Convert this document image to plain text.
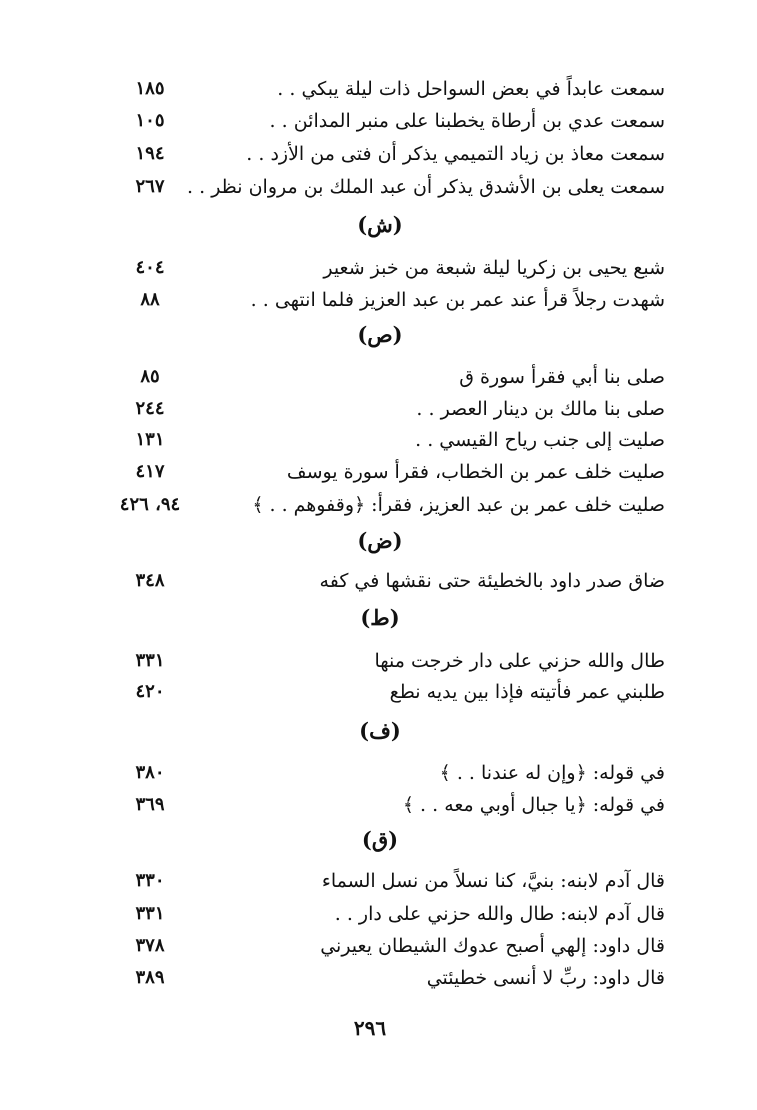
سمعت عابداً في بعض السواحل ذات ليلة يبكي . .
١٨٥
سمعت عدي بن أرطاة يخطبنا على منبر المدائن . .
١٠٥
سمعت معاذ بن زياد التميمي يذكر أن فتى من الأزد . .
١٩٤
سمعت يعلى بن الأشدق يذكر أن عبد الملك بن مروان نظر . .
٢٦٧
(ش)
شبع يحيى بن زكريا ليلة شبعة من خبز شعير
٤٠٤
شهدت رجلاً قرأ عند عمر بن عبد العزيز فلما انتهى . .
٨٨
(ص)
صلى بنا أبي فقرأ سورة ق
٨٥
صلى بنا مالك بن دينار العصر . .
٢٤٤
صليت إلى جنب رياح القيسي . .
١٣١
صليت خلف عمر بن الخطاب، فقرأ سورة يوسف
٤١٧
صليت خلف عمر بن عبد العزيز، فقرأ: ﴿وقفوهم . . ﴾
٩٤، ٤٢٦
(ض)
ضاق صدر داود بالخطيئة حتى نقشها في كفه
٣٤٨
(ط)
طال والله حزني على دار خرجت منها
٣٣١
طلبني عمر فأتيته فإذا بين يديه نطع
٤٢٠
(ف)
في قوله: ﴿وإن له عندنا . . ﴾
٣٨٠
في قوله: ﴿يا جبال أوبي معه . . ﴾
٣٦٩
(ق)
قال آدم لابنه: بنيَّ، كنا نسلاً من نسل السماء
٣٣٠
قال آدم لابنه: طال والله حزني على دار . .
٣٣١
قال داود: إلهي أصبح عدوك الشيطان يعيرني
٣٧٨
قال داود: ربِّ لا أنسى خطيئتي
٣٨٩
٢٩٦
